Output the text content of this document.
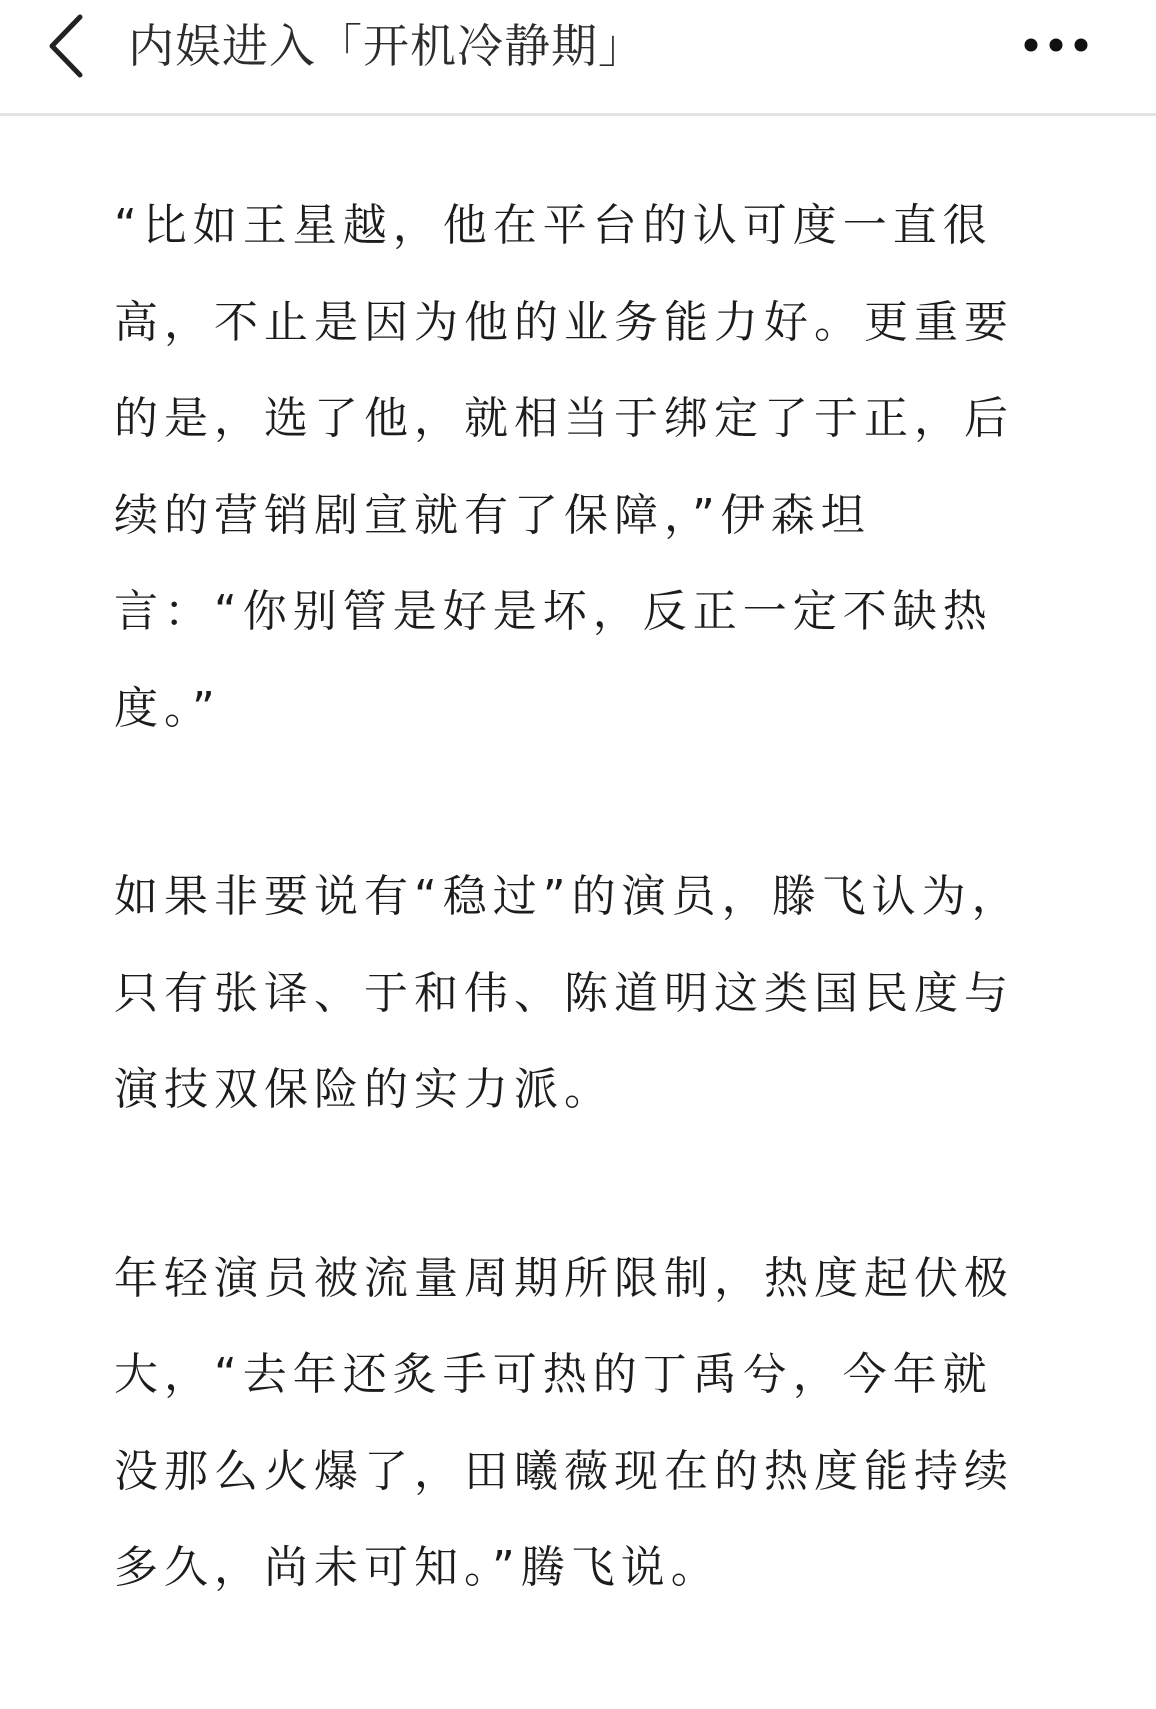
内娱进入「开机冷静期」

“比如王星越，他在平台的认可度一直很高，不止是因为他的业务能力好。更重要的是，选了他，就相当于绑定了于正，后续的营销剧宣就有了保障，”伊森坦言：“你别管是好是坏，反正一定不缺热度。”

如果非要说有“稳过”的演员，滕飞认为，只有张译、于和伟、陈道明这类国民度与演技双保险的实力派。

年轻演员被流量周期所限制，热度起伏极大，“去年还炙手可热的丁禹兮，今年就没那么火爆了，田曦薇现在的热度能持续多久，尚未可知。”腾飞说。
